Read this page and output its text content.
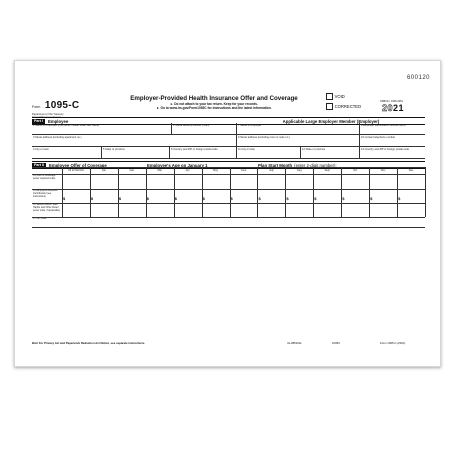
600120
Form 1095-C
Department of the Treasury
Internal Revenue Service
Employer-Provided Health Insurance Offer and Coverage
► Do not attach to your tax return. Keep for your records.
► Go to www.irs.gov/Form1095C for instructions and the latest information.
VOID
CORRECTED
OMB No. 1545-2251
2021
Part I	Employee	Applicable Large Employer Member (Employer)
1 Name of employee (first name, middle initial, last name)	2 Social security number (SSN)	7 Name of employer	8 Employer identification number (EIN)
3 Street address (including apartment no.)	9 Street address (including room or suite no.)	10 Contact telephone number
4 City or town	5 State or province	6 Country and ZIP or foreign postal code	11 City or town	12 State or province	13 Country and ZIP or foreign postal code
Part II	Employee Offer of Coverage	Employee's Age on January 1	Plan Start Month (enter 2-digit number):
All 12 Months	Jan	Feb	Mar	Apr	May	June	July	Aug	Sept	Oct	Nov	Dec
14 Offer of Coverage (enter required code)
15 Employee Required Contribution (see instructions)	$	$	$	$	$	$	$	$	$	$	$	$	$
16 Section 4980H Safe Harbor and Other Relief (enter code, if applicable)
17 ZIP Code
BAA For Privacy Act and Paperwork Reduction Act Notice, see separate instructions.	41-0852411	1095C	Form 1095-C (2021)
